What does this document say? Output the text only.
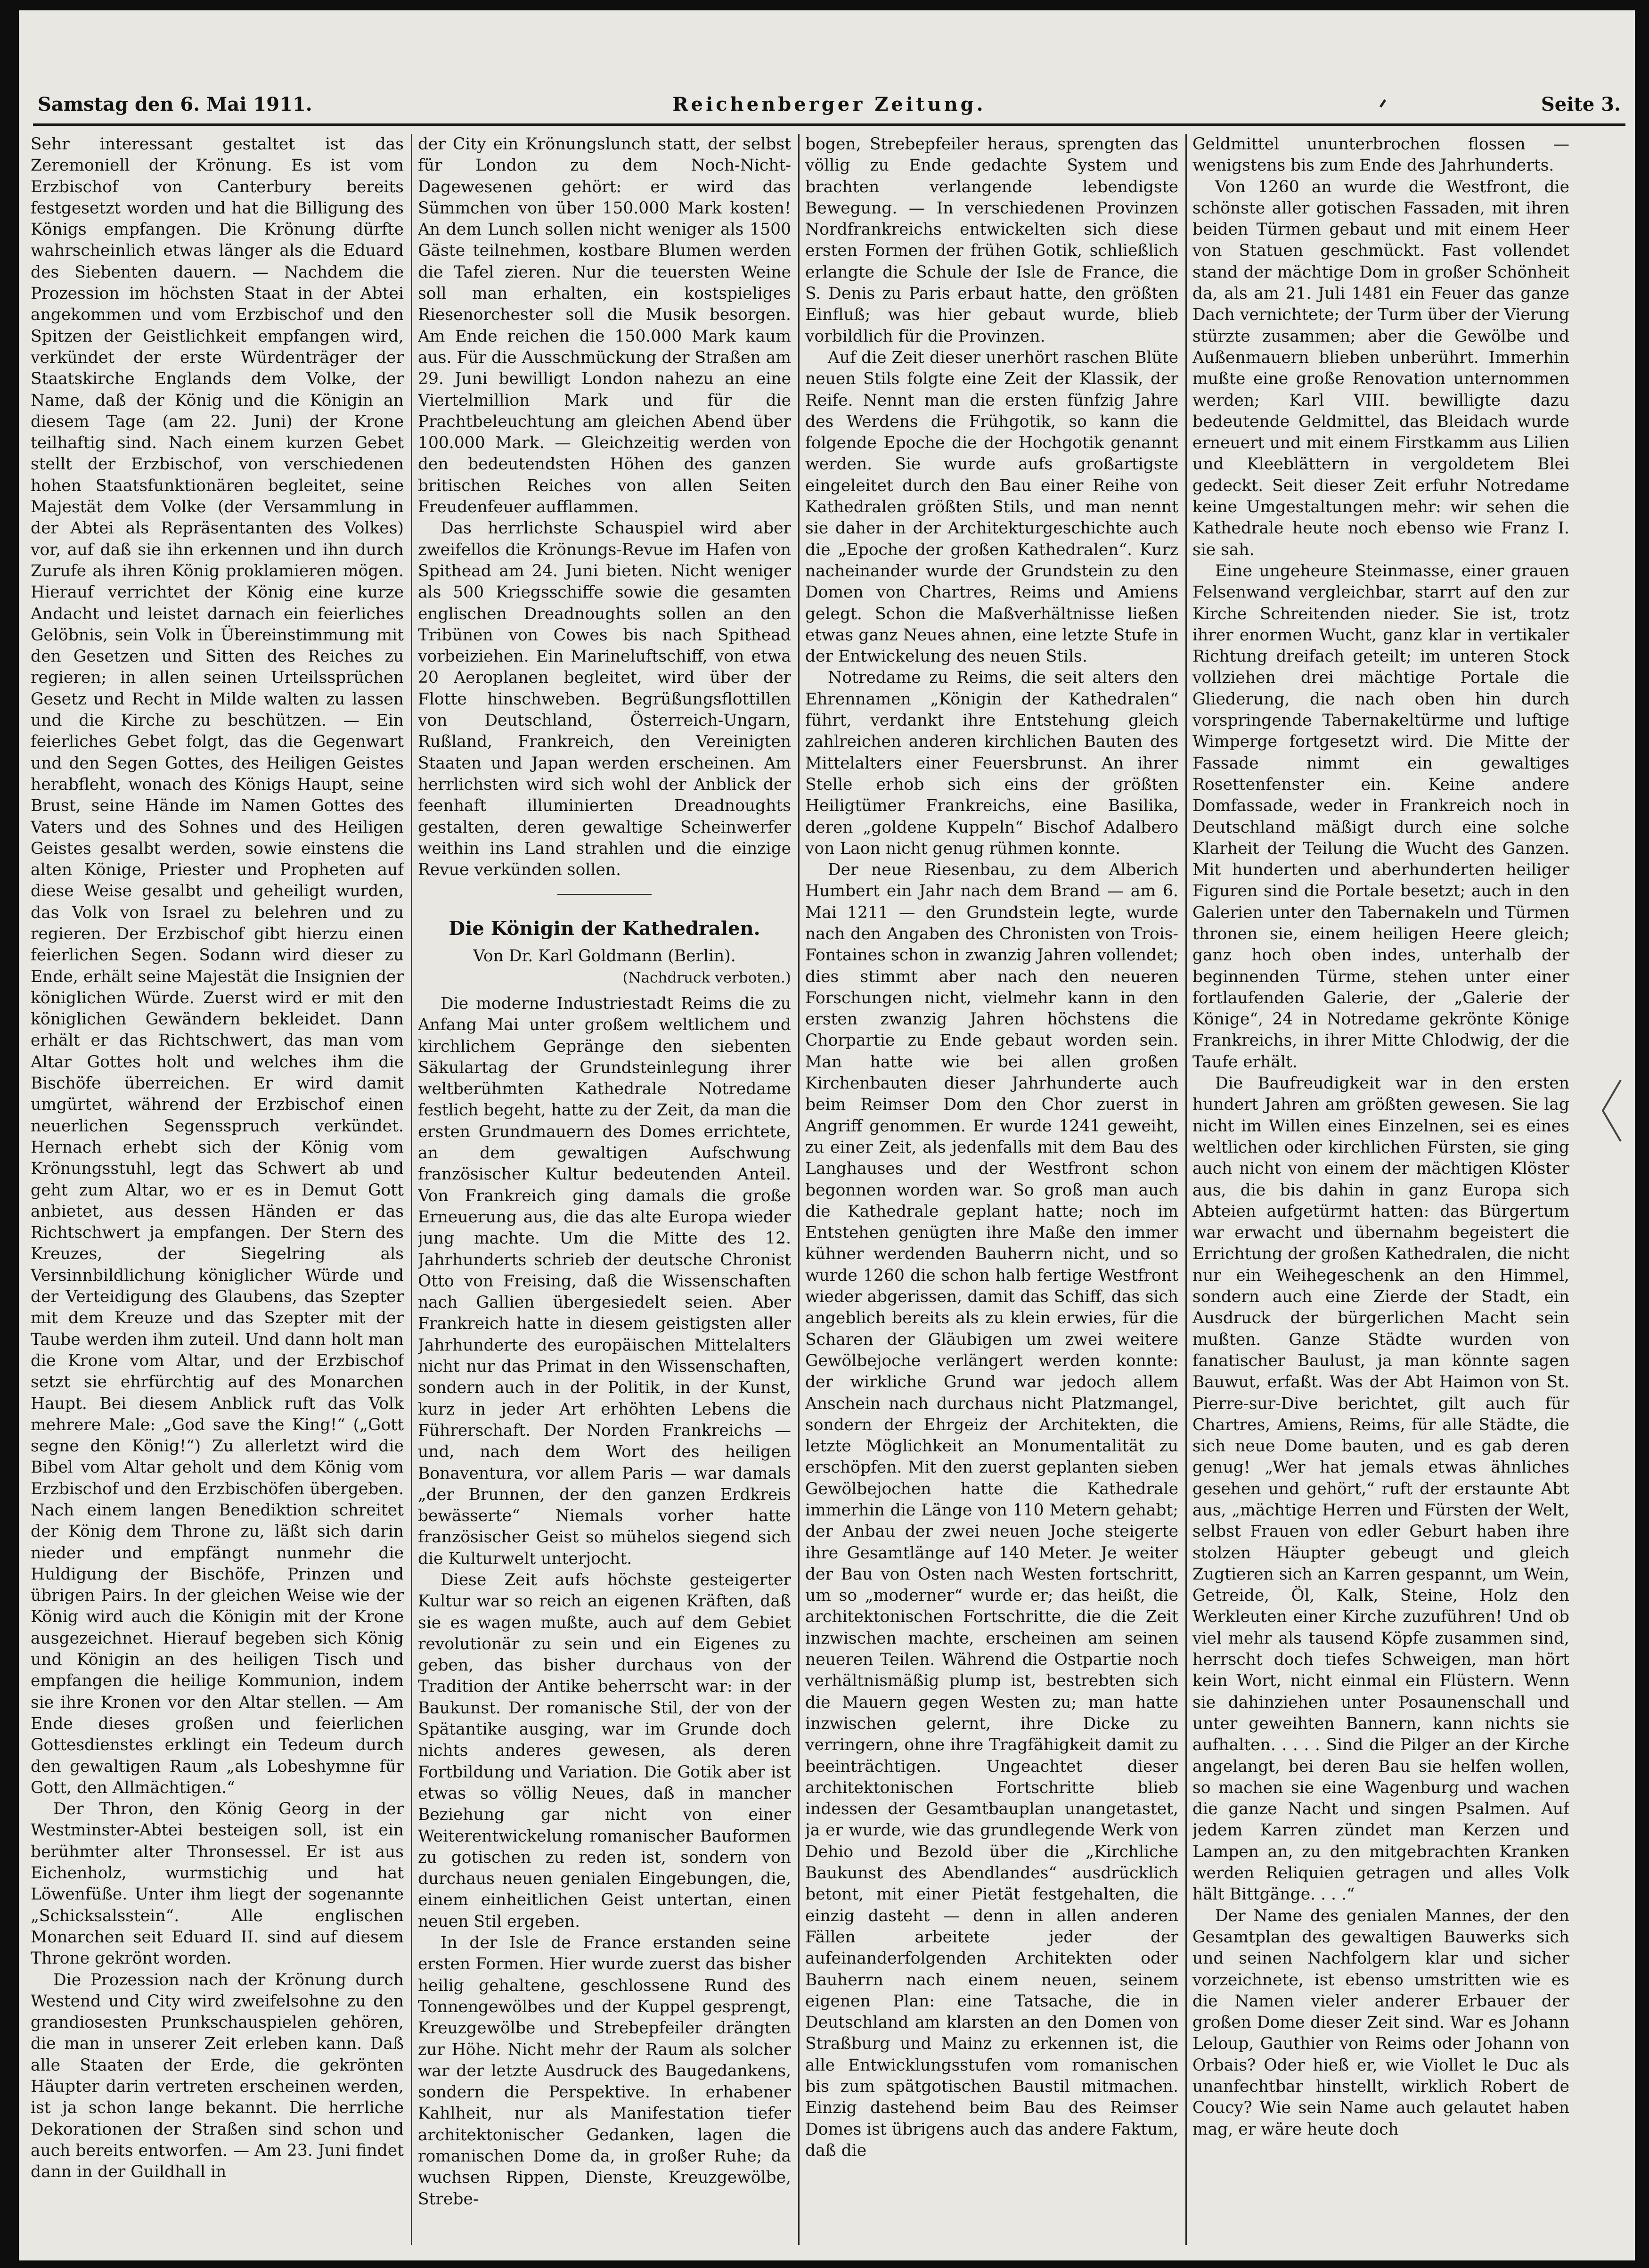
Samstag den 6. Mai 1911.	Reichenberger Zeitung.	Seite 3.

Sehr interessant gestaltet ist das Zeremoniell der Krönung. Es ist vom Erzbischof von Canterbury bereits festgesetzt worden und hat die Billigung des Königs empfangen. Die Krönung dürfte wahrscheinlich etwas länger als die Eduard des Siebenten dauern. — Nachdem die Prozession im höchsten Staat in der Abtei angekommen und vom Erzbischof und den Spitzen der Geistlichkeit empfangen wird, verkündet der erste Würdenträger der Staatskirche Englands dem Volke, der Name, daß der König und die Königin an diesem Tage (am 22. Juni) der Krone teilhaftig sind. Nach einem kurzen Gebet stellt der Erzbischof, von verschiedenen hohen Staatsfunktionären begleitet, seine Majestät dem Volke (der Versammlung in der Abtei als Repräsentanten des Volkes) vor, auf daß sie ihn erkennen und ihn durch Zurufe als ihren König proklamieren mögen. Hierauf verrichtet der König eine kurze Andacht und leistet darnach ein feierliches Gelöbnis, sein Volk in Übereinstimmung mit den Gesetzen und Sitten des Reiches zu regieren; in allen seinen Urteilssprüchen Gesetz und Recht in Milde walten zu lassen und die Kirche zu beschützen. — Ein feierliches Gebet folgt, das die Gegenwart und den Segen Gottes, des Heiligen Geistes herabfleht, wonach des Königs Haupt, seine Brust, seine Hände im Namen Gottes des Vaters und des Sohnes und des Heiligen Geistes gesalbt werden, sowie einstens die alten Könige, Priester und Propheten auf diese Weise gesalbt und geheiligt wurden, das Volk von Israel zu belehren und zu regieren. Der Erzbischof gibt hierzu einen feierlichen Segen. Sodann wird dieser zu Ende, erhält seine Majestät die Insignien der königlichen Würde. Zuerst wird er mit den königlichen Gewändern bekleidet. Dann erhält er das Richtschwert, das man vom Altar Gottes holt und welches ihm die Bischöfe überreichen. Er wird damit umgürtet, während der Erzbischof einen neuerlichen Segensspruch verkündet. Hernach erhebt sich der König vom Krönungsstuhl, legt das Schwert ab und geht zum Altar, wo er es in Demut Gott anbietet, aus dessen Händen er das Richtschwert ja empfangen. Der Stern des Kreuzes, der Siegelring als Versinnbildlichung königlicher Würde und der Verteidigung des Glaubens, das Szepter mit dem Kreuze und das Szepter mit der Taube werden ihm zuteil. Und dann holt man die Krone vom Altar, und der Erzbischof setzt sie ehrfürchtig auf des Monarchen Haupt. Bei diesem Anblick ruft das Volk mehrere Male: „God save the King!“ („Gott segne den König!“) Zu allerletzt wird die Bibel vom Altar geholt und dem König vom Erzbischof und den Erzbischöfen übergeben. Nach einem langen Benediktion schreitet der König dem Throne zu, läßt sich darin nieder und empfängt nunmehr die Huldigung der Bischöfe, Prinzen und übrigen Pairs. In der gleichen Weise wie der König wird auch die Königin mit der Krone ausgezeichnet. Hierauf begeben sich König und Königin an des heiligen Tisch und empfangen die heilige Kommunion, indem sie ihre Kronen vor den Altar stellen. — Am Ende dieses großen und feierlichen Gottesdienstes erklingt ein Tedeum durch den gewaltigen Raum „als Lobeshymne für Gott, den Allmächtigen.“

Der Thron, den König Georg in der Westminster-Abtei besteigen soll, ist ein berühmter alter Thronsessel. Er ist aus Eichenholz, wurmstichig und hat Löwenfüße. Unter ihm liegt der sogenannte „Schicksalsstein“. Alle englischen Monarchen seit Eduard II. sind auf diesem Throne gekrönt worden.

Die Prozession nach der Krönung durch Westend und City wird zweifelsohne zu den grandiosesten Prunkschauspielen gehören, die man in unserer Zeit erleben kann. Daß alle Staaten der Erde, die gekrönten Häupter darin vertreten erscheinen werden, ist ja schon lange bekannt. Die herrliche Dekorationen der Straßen sind schon und auch bereits entworfen. — Am 23. Juni findet dann in der Guildhall in

der City ein Krönungslunch statt, der selbst für London zu dem Noch-Nicht-Dagewesenen gehört: er wird das Sümmchen von über 150.000 Mark kosten! An dem Lunch sollen nicht weniger als 1500 Gäste teilnehmen, kostbare Blumen werden die Tafel zieren. Nur die teuersten Weine soll man erhalten, ein kostspieliges Riesenorchester soll die Musik besorgen. Am Ende reichen die 150.000 Mark kaum aus. Für die Ausschmückung der Straßen am 29. Juni bewilligt London nahezu an eine Viertelmillion Mark und für die Prachtbeleuchtung am gleichen Abend über 100.000 Mark. — Gleichzeitig werden von den bedeutendsten Höhen des ganzen britischen Reiches von allen Seiten Freudenfeuer aufflammen.

Das herrlichste Schauspiel wird aber zweifellos die Krönungs-Revue im Hafen von Spithead am 24. Juni bieten. Nicht weniger als 500 Kriegsschiffe sowie die gesamten englischen Dreadnoughts sollen an den Tribünen von Cowes bis nach Spithead vorbeiziehen. Ein Marineluftschiff, von etwa 20 Aeroplanen begleitet, wird über der Flotte hinschweben. Begrüßungsflottillen von Deutschland, Österreich-Ungarn, Rußland, Frankreich, den Vereinigten Staaten und Japan werden erscheinen. Am herrlichsten wird sich wohl der Anblick der feenhaft illuminierten Dreadnoughts gestalten, deren gewaltige Scheinwerfer weithin ins Land strahlen und die einzige Revue verkünden sollen.

Die Königin der Kathedralen.

Von Dr. Karl Goldmann (Berlin).

(Nachdruck verboten.)

Die moderne Industriestadt Reims die zu Anfang Mai unter großem weltlichem und kirchlichem Gepränge den siebenten Säkulartag der Grundsteinlegung ihrer weltberühmten Kathedrale Notredame festlich begeht, hatte zu der Zeit, da man die ersten Grundmauern des Domes errichtete, an dem gewaltigen Aufschwung französischer Kultur bedeutenden Anteil. Von Frankreich ging damals die große Erneuerung aus, die das alte Europa wieder jung machte. Um die Mitte des 12. Jahrhunderts schrieb der deutsche Chronist Otto von Freising, daß die Wissenschaften nach Gallien übergesiedelt seien. Aber Frankreich hatte in diesem geistigsten aller Jahrhunderte des europäischen Mittelalters nicht nur das Primat in den Wissenschaften, sondern auch in der Politik, in der Kunst, kurz in jeder Art erhöhten Lebens die Führerschaft. Der Norden Frankreichs — und, nach dem Wort des heiligen Bonaventura, vor allem Paris — war damals „der Brunnen, der den ganzen Erdkreis bewässerte“ Niemals vorher hatte französischer Geist so mühelos siegend sich die Kulturwelt unterjocht.

Diese Zeit aufs höchste gesteigerter Kultur war so reich an eigenen Kräften, daß sie es wagen mußte, auch auf dem Gebiet revolutionär zu sein und ein Eigenes zu geben, das bisher durchaus von der Tradition der Antike beherrscht war: in der Baukunst. Der romanische Stil, der von der Spätantike ausging, war im Grunde doch nichts anderes gewesen, als deren Fortbildung und Variation. Die Gotik aber ist etwas so völlig Neues, daß in mancher Beziehung gar nicht von einer Weiterentwickelung romanischer Bauformen zu gotischen zu reden ist, sondern von durchaus neuen genialen Eingebungen, die, einem einheitlichen Geist untertan, einen neuen Stil ergeben.

In der Isle de France erstanden seine ersten Formen. Hier wurde zuerst das bisher heilig gehaltene, geschlossene Rund des Tonnengewölbes und der Kuppel gesprengt, Kreuzgewölbe und Strebepfeiler drängten zur Höhe. Nicht mehr der Raum als solcher war der letzte Ausdruck des Baugedankens, sondern die Perspektive. In erhabener Kahlheit, nur als Manifestation tiefer architektonischer Gedanken, lagen die romanischen Dome da, in großer Ruhe; da wuchsen Rippen, Dienste, Kreuzgewölbe, Strebe-

bogen, Strebepfeiler heraus, sprengten das völlig zu Ende gedachte System und brachten verlangende lebendigste Bewegung. — In verschiedenen Provinzen Nordfrankreichs entwickelten sich diese ersten Formen der frühen Gotik, schließlich erlangte die Schule der Isle de France, die S. Denis zu Paris erbaut hatte, den größten Einfluß; was hier gebaut wurde, blieb vorbildlich für die Provinzen.

Auf die Zeit dieser unerhört raschen Blüte neuen Stils folgte eine Zeit der Klassik, der Reife. Nennt man die ersten fünfzig Jahre des Werdens die Frühgotik, so kann die folgende Epoche die der Hochgotik genannt werden. Sie wurde aufs großartigste eingeleitet durch den Bau einer Reihe von Kathedralen größten Stils, und man nennt sie daher in der Architekturgeschichte auch die „Epoche der großen Kathedralen“. Kurz nacheinander wurde der Grundstein zu den Domen von Chartres, Reims und Amiens gelegt. Schon die Maßverhältnisse ließen etwas ganz Neues ahnen, eine letzte Stufe in der Entwickelung des neuen Stils.

Notredame zu Reims, die seit alters den Ehrennamen „Königin der Kathedralen“ führt, verdankt ihre Entstehung gleich zahlreichen anderen kirchlichen Bauten des Mittelalters einer Feuersbrunst. An ihrer Stelle erhob sich eins der größten Heiligtümer Frankreichs, eine Basilika, deren „goldene Kuppeln“ Bischof Adalbero von Laon nicht genug rühmen konnte.

Der neue Riesenbau, zu dem Alberich Humbert ein Jahr nach dem Brand — am 6. Mai 1211 — den Grundstein legte, wurde nach den Angaben des Chronisten von Trois-Fontaines schon in zwanzig Jahren vollendet; dies stimmt aber nach den neueren Forschungen nicht, vielmehr kann in den ersten zwanzig Jahren höchstens die Chorpartie zu Ende gebaut worden sein. Man hatte wie bei allen großen Kirchenbauten dieser Jahrhunderte auch beim Reimser Dom den Chor zuerst in Angriff genommen. Er wurde 1241 geweiht, zu einer Zeit, als jedenfalls mit dem Bau des Langhauses und der Westfront schon begonnen worden war. So groß man auch die Kathedrale geplant hatte; noch im Entstehen genügten ihre Maße den immer kühner werdenden Bauherrn nicht, und so wurde 1260 die schon halb fertige Westfront wieder abgerissen, damit das Schiff, das sich angeblich bereits als zu klein erwies, für die Scharen der Gläubigen um zwei weitere Gewölbejoche verlängert werden konnte: der wirkliche Grund war jedoch allem Anschein nach durchaus nicht Platzmangel, sondern der Ehrgeiz der Architekten, die letzte Möglichkeit an Monumentalität zu erschöpfen. Mit den zuerst geplanten sieben Gewölbejochen hatte die Kathedrale immerhin die Länge von 110 Metern gehabt; der Anbau der zwei neuen Joche steigerte ihre Gesamtlänge auf 140 Meter. Je weiter der Bau von Osten nach Westen fortschritt, um so „moderner“ wurde er; das heißt, die architektonischen Fortschritte, die die Zeit inzwischen machte, erscheinen am seinen neueren Teilen. Während die Ostpartie noch verhältnismäßig plump ist, bestrebten sich die Mauern gegen Westen zu; man hatte inzwischen gelernt, ihre Dicke zu verringern, ohne ihre Tragfähigkeit damit zu beeinträchtigen. Ungeachtet dieser architektonischen Fortschritte blieb indessen der Gesamtbauplan unangetastet, ja er wurde, wie das grundlegende Werk von Dehio und Bezold über die „Kirchliche Baukunst des Abendlandes“ ausdrücklich betont, mit einer Pietät festgehalten, die einzig dasteht — denn in allen anderen Fällen arbeitete jeder der aufeinanderfolgenden Architekten oder Bauherrn nach einem neuen, seinem eigenen Plan: eine Tatsache, die in Deutschland am klarsten an den Domen von Straßburg und Mainz zu erkennen ist, die alle Entwicklungsstufen vom romanischen bis zum spätgotischen Baustil mitmachen. Einzig dastehend beim Bau des Reimser Domes ist übrigens auch das andere Faktum, daß die

Geldmittel ununterbrochen flossen — wenigstens bis zum Ende des Jahrhunderts.

Von 1260 an wurde die Westfront, die schönste aller gotischen Fassaden, mit ihren beiden Türmen gebaut und mit einem Heer von Statuen geschmückt. Fast vollendet stand der mächtige Dom in großer Schönheit da, als am 21. Juli 1481 ein Feuer das ganze Dach vernichtete; der Turm über der Vierung stürzte zusammen; aber die Gewölbe und Außenmauern blieben unberührt. Immerhin mußte eine große Renovation unternommen werden; Karl VIII. bewilligte dazu bedeutende Geldmittel, das Bleidach wurde erneuert und mit einem Firstkamm aus Lilien und Kleeblättern in vergoldetem Blei gedeckt. Seit dieser Zeit erfuhr Notredame keine Umgestaltungen mehr: wir sehen die Kathedrale heute noch ebenso wie Franz I. sie sah.

Eine ungeheure Steinmasse, einer grauen Felsenwand vergleichbar, starrt auf den zur Kirche Schreitenden nieder. Sie ist, trotz ihrer enormen Wucht, ganz klar in vertikaler Richtung dreifach geteilt; im unteren Stock vollziehen drei mächtige Portale die Gliederung, die nach oben hin durch vorspringende Tabernakeltürme und luftige Wimperge fortgesetzt wird. Die Mitte der Fassade nimmt ein gewaltiges Rosettenfenster ein. Keine andere Domfassade, weder in Frankreich noch in Deutschland mäßigt durch eine solche Klarheit der Teilung die Wucht des Ganzen. Mit hunderten und aberhunderten heiliger Figuren sind die Portale besetzt; auch in den Galerien unter den Tabernakeln und Türmen thronen sie, einem heiligen Heere gleich; ganz hoch oben indes, unterhalb der beginnenden Türme, stehen unter einer fortlaufenden Galerie, der „Galerie der Könige“, 24 in Notredame gekrönte Könige Frankreichs, in ihrer Mitte Chlodwig, der die Taufe erhält.

Die Baufreudigkeit war in den ersten hundert Jahren am größten gewesen. Sie lag nicht im Willen eines Einzelnen, sei es eines weltlichen oder kirchlichen Fürsten, sie ging auch nicht von einem der mächtigen Klöster aus, die bis dahin in ganz Europa sich Abteien aufgetürmt hatten: das Bürgertum war erwacht und übernahm begeistert die Errichtung der großen Kathedralen, die nicht nur ein Weihegeschenk an den Himmel, sondern auch eine Zierde der Stadt, ein Ausdruck der bürgerlichen Macht sein mußten. Ganze Städte wurden von fanatischer Baulust, ja man könnte sagen Bauwut, erfaßt. Was der Abt Haimon von St. Pierre-sur-Dive berichtet, gilt auch für Chartres, Amiens, Reims, für alle Städte, die sich neue Dome bauten, und es gab deren genug! „Wer hat jemals etwas ähnliches gesehen und gehört,“ ruft der erstaunte Abt aus, „mächtige Herren und Fürsten der Welt, selbst Frauen von edler Geburt haben ihre stolzen Häupter gebeugt und gleich Zugtieren sich an Karren gespannt, um Wein, Getreide, Öl, Kalk, Steine, Holz den Werkleuten einer Kirche zuzuführen! Und ob viel mehr als tausend Köpfe zusammen sind, herrscht doch tiefes Schweigen, man hört kein Wort, nicht einmal ein Flüstern. Wenn sie dahinziehen unter Posaunenschall und unter geweihten Bannern, kann nichts sie aufhalten. . . . . Sind die Pilger an der Kirche angelangt, bei deren Bau sie helfen wollen, so machen sie eine Wagenburg und wachen die ganze Nacht und singen Psalmen. Auf jedem Karren zündet man Kerzen und Lampen an, zu den mitgebrachten Kranken werden Reliquien getragen und alles Volk hält Bittgänge. . . .“

Der Name des genialen Mannes, der den Gesamtplan des gewaltigen Bauwerks sich und seinen Nachfolgern klar und sicher vorzeichnete, ist ebenso umstritten wie es die Namen vieler anderer Erbauer der großen Dome dieser Zeit sind. War es Johann Leloup, Gauthier von Reims oder Johann von Orbais? Oder hieß er, wie Viollet le Duc als unanfechtbar hinstellt, wirklich Robert de Coucy? Wie sein Name auch gelautet haben mag, er wäre heute doch
